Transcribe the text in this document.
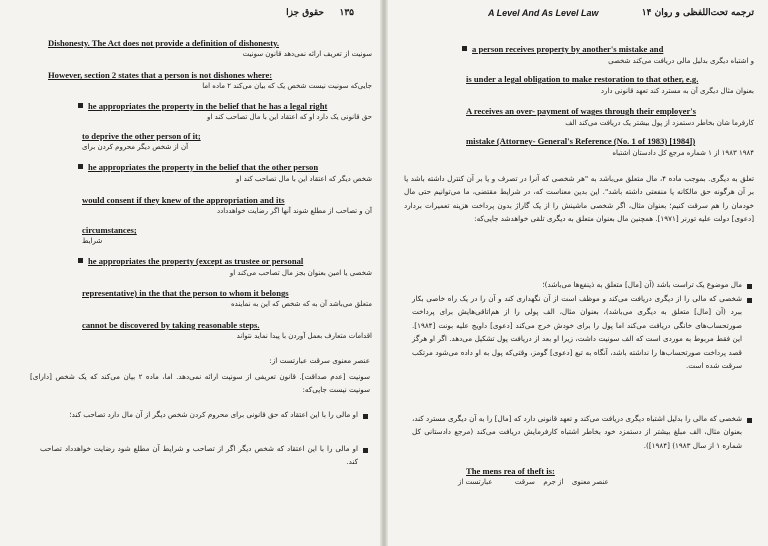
حقوق جزا ۱۳۵
Dishonesty. The Act does not provide a definition of dishonesty.
سونیت از تعریف ارائه نمی‌دهد قانون سونیت
However, section 2 states that a person is not dishones where:
جایی‌که سونیت نیست شخص یک که بیان می‌کند ۲ ماده اما
he appropriates the property in the belief that he has a legal right
حق قانونی یک دارد او که اعتقاد این با مال تصاحب کند او
to deprive the other person of it;
آن از شخص دیگر محروم کردن برای
he appropriates the property in the belief that the other person
شخص دیگر که اعتقاد این با مال تصاحب کند او
would consent if they knew of the appropriation and its
آن و تصاحب از مطلع شوند آنها اگر رضایت خواهددادد
circumstances;
شرایط
he appropriates the property (except as trustee or personal
شخصی یا امین بعنوان بجز مال تصاحب می‌کند او
representative) in the that the person to whom it belongs
متعلق می‌باشد آن به که شخص که این به نماینده
cannot be discovered by taking reasonable steps.
اقدامات متعارف بعمل آوردن با پیدا نماید نتواند
عنصر معنوی سرقت عبارتست از:
سونیت [عدم صداقت]. قانون تعریفی از سونیت ارائه نمی‌دهد. اما، ماده ۲ بیان می‌کند که یک شخص [دارای] سونیت نیست جایی‌که:
او مالی را با این اعتقاد که حق قانونی برای محروم کردن شخص دیگر از آن مال دارد تصاحب کند؛
او مالی را با این اعتقاد که شخص دیگر اگر از تصاحب و شرایط آن مطلع شود رضایت خواهدداد تصاحب کند.
A Level And As Level Law	۱۴ ترجمه تحت‌اللفظی و روان
a person receives property by another's mistake and
و اشتباه دیگری بدلیل مالی دریافت می‌کند شخصی
is under a legal obligation to make restoration to that other, e.g.
بعنوان مثال دیگری آن به مسترد کند تعهد قانونی دارد
A receives an over- payment of wages through their employer's
کارفرما شان بخاطر دستمزد از پول بیشتر یک دریافت می‌کند الف
mistake (Attorney- General's Reference (No. 1 of 1983) [1984])
۱۹۸۴ ۱۹۸۳ از ۱ شماره مرجع کل دادستان اشتباه
تعلق به دیگری. بموجب ماده ۴، مال متعلق می‌باشد به "هر شخصی که آنرا در تصرف و یا بر آن کنترل داشته باشد یا بر آن هرگونه حق مالکانه یا منفعتی داشته باشد". این بدین معناست که، در شرایط مقتضی، ما می‌توانیم حتی مال خودمان را هم سرقت کنیم؛ بعنوان مثال، اگر شخصی ماشینش را از یک گاراژ بدون پرداخت هزینه تعمیرات بردارد [دعوی] دولت علیه تورنر [۱۹۷۱]. همچنین مال بعنوان متعلق به دیگری تلقی خواهدشد جایی‌که:
مال موضوع یک تراست باشد (آن [مال] متعلق به ذینفع‌ها می‌باشد)؛
شخصی که مالی را از دیگری دریافت می‌کند و موظف است از آن نگهداری کند و آن را در یک راه خاصی بکار ببرد (آن [مال] متعلق به دیگری می‌باشد)، بعنوان مثال، الف پولی را از هم‌اتاقی‌هایش برای پرداخت صورتحساب‌های خانگی دریافت می‌کند اما پول را برای خودش خرج می‌کند [دعوی] داویج علیه بونت [۱۹۸۴]. این فقط مربوط به موردی است که الف سونیت داشت، زیرا او بعد از دریافت پول تشکیل می‌دهد. اگر او هرگز قصد پرداخت صورتحساب‌ها را نداشته باشد، آنگاه به تبع [دعوی] گومز، وقتی‌که پول به او داده می‌شود مرتکب سرقت شده است.
شخصی که مالی را بدلیل اشتباه دیگری دریافت می‌کند و تعهد قانونی دارد که [مال] را به آن دیگری مسترد کند، بعنوان مثال، الف مبلغ بیشتر از دستمزد خود بخاطر اشتباه کارفرمایش دریافت می‌کند (مرجع دادستانی کل شماره ۱ از سال ۱۹۸۳) [۱۹۸۴]).
The mens rea of theft is:
عنصر معنوی  از جرم  سرقت  عبارتست از
